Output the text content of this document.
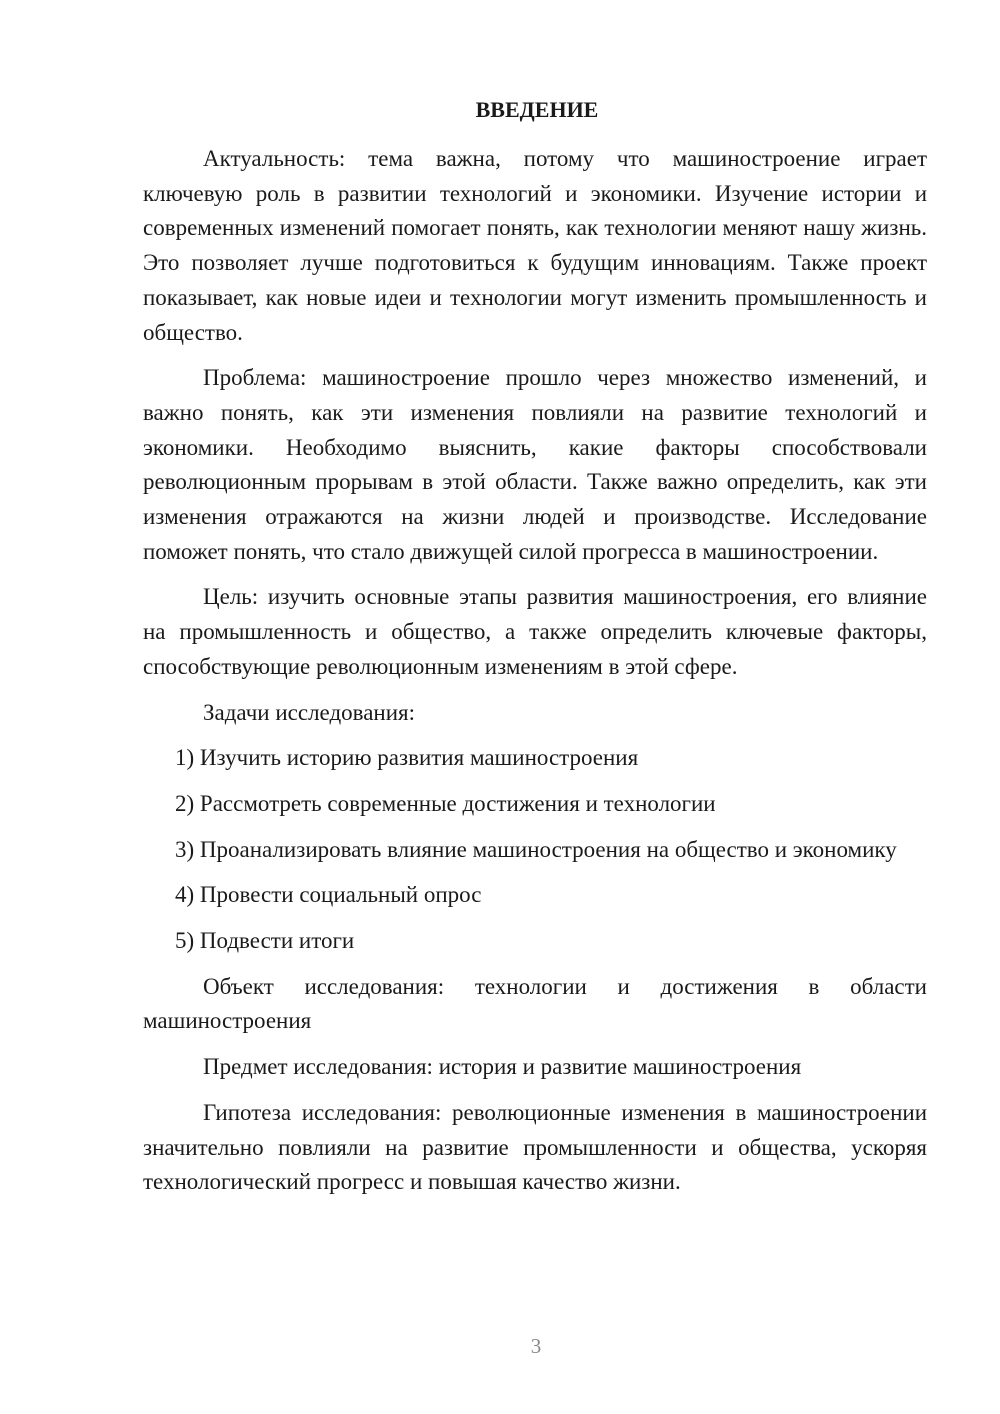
ВВЕДЕНИЕ

Актуальность: тема важна, потому что машиностроение играет ключевую роль в развитии технологий и экономики. Изучение истории и современных изменений помогает понять, как технологии меняют нашу жизнь. Это позволяет лучше подготовиться к будущим инновациям. Также проект показывает, как новые идеи и технологии могут изменить промышленность и общество.

Проблема: машиностроение прошло через множество изменений, и важно понять, как эти изменения повлияли на развитие технологий и экономики. Необходимо выяснить, какие факторы способствовали революционным прорывам в этой области. Также важно определить, как эти изменения отражаются на жизни людей и производстве. Исследование поможет понять, что стало движущей силой прогресса в машиностроении.

Цель: изучить основные этапы развития машиностроения, его влияние на промышленность и общество, а также определить ключевые факторы, способствующие революционным изменениям в этой сфере.

Задачи исследования:

1) Изучить историю развития машиностроения

2) Рассмотреть современные достижения и технологии

3) Проанализировать влияние машиностроения на общество и экономику

4) Провести социальный опрос

5) Подвести итоги

Объект исследования: технологии и достижения в области машиностроения

Предмет исследования: история и развитие машиностроения

Гипотеза исследования: революционные изменения в машиностроении значительно повлияли на развитие промышленности и общества, ускоряя технологический прогресс и повышая качество жизни.

3
